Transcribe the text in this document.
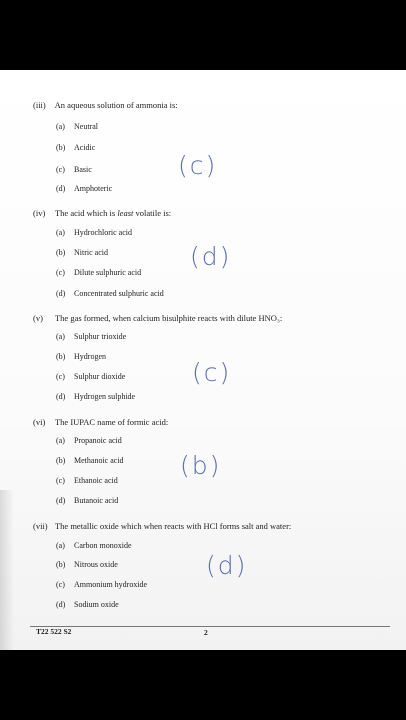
(iii) An aqueous solution of ammonia is:
(a) Neutral
(b) Acidic
(c) Basic
(d) Amphoteric
(c)
(iv) The acid which is least volatile is:
(a) Hydrochloric acid
(b) Nitric acid
(c) Dilute sulphuric acid
(d) Concentrated sulphuric acid
(d)
(v) The gas formed, when calcium bisulphite reacts with dilute HNO₃:
(a) Sulphur trioxide
(b) Hydrogen
(c) Sulphur dioxide
(d) Hydrogen sulphide
(c)
(vi) The IUPAC name of formic acid:
(a) Propanoic acid
(b) Methanoic acid
(c) Ethanoic acid
(d) Butanoic acid
(b)
(vii) The metallic oxide which when reacts with HCl forms salt and water:
(a) Carbon monoxide
(b) Nitrous oxide
(c) Ammonium hydroxide
(d) Sodium oxide
(d)
T22 522 S2	2
